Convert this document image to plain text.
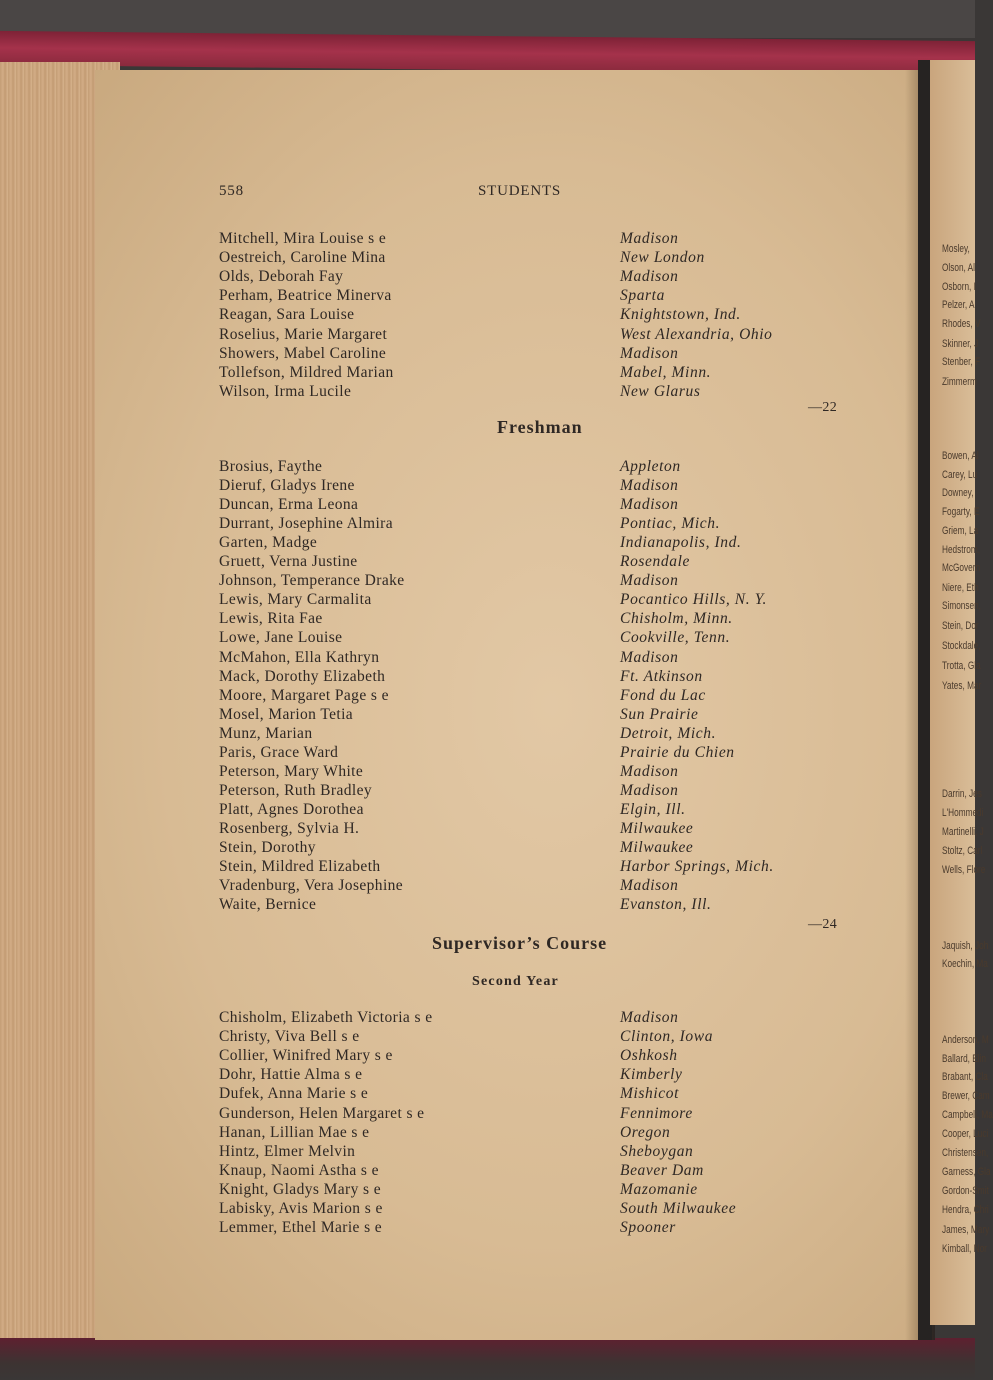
Mosley,
Olson, Al
Osborn, I
Pelzer, A
Rhodes, V
Skinner, J
Stenber, F
Zimmerm
Bowen, Al
Carey, Lu
Downey,
Fogarty, E
Griem, La
Hedstrom,
McGovern
Niere, Eth
Simonsen,
Stein, Dor
Stockdale,
Trotta, Gla
Yates, Mar
Darrin, Jes
L'Hommedi
Martinelli, J
Stoltz, Carl
Wells, Flore
Jaquish, Joh
Koechin, Ma
Anderson, M
Ballard, Elin
Brabant, Cla
Brewer, Cam
Campbell, Ma
Cooper, Luci
Christensen,
Garness, Gla
Gordon-Smit
Hendra, Chri
James, Mary
Kimball, Nor
558	STUDENTS
Mitchell, Mira Louise s e	Madison
Oestreich, Caroline Mina	New London
Olds, Deborah Fay	Madison
Perham, Beatrice Minerva	Sparta
Reagan, Sara Louise	Knightstown, Ind.
Roselius, Marie Margaret	West Alexandria, Ohio
Showers, Mabel Caroline	Madison
Tollefson, Mildred Marian	Mabel, Minn.
Wilson, Irma Lucile	New Glarus
—22
Freshman
Brosius, Faythe	Appleton
Dieruf, Gladys Irene	Madison
Duncan, Erma Leona	Madison
Durrant, Josephine Almira	Pontiac, Mich.
Garten, Madge	Indianapolis, Ind.
Gruett, Verna Justine	Rosendale
Johnson, Temperance Drake	Madison
Lewis, Mary Carmalita	Pocantico Hills, N. Y.
Lewis, Rita Fae	Chisholm, Minn.
Lowe, Jane Louise	Cookville, Tenn.
McMahon, Ella Kathryn	Madison
Mack, Dorothy Elizabeth	Ft. Atkinson
Moore, Margaret Page s e	Fond du Lac
Mosel, Marion Tetia	Sun Prairie
Munz, Marian	Detroit, Mich.
Paris, Grace Ward	Prairie du Chien
Peterson, Mary White	Madison
Peterson, Ruth Bradley	Madison
Platt, Agnes Dorothea	Elgin, Ill.
Rosenberg, Sylvia H.	Milwaukee
Stein, Dorothy	Milwaukee
Stein, Mildred Elizabeth	Harbor Springs, Mich.
Vradenburg, Vera Josephine	Madison
Waite, Bernice	Evanston, Ill.
—24
Supervisor’s Course
Second Year
Chisholm, Elizabeth Victoria s e	Madison
Christy, Viva Bell s e	Clinton, Iowa
Collier, Winifred Mary s e	Oshkosh
Dohr, Hattie Alma s e	Kimberly
Dufek, Anna Marie s e	Mishicot
Gunderson, Helen Margaret s e	Fennimore
Hanan, Lillian Mae s e	Oregon
Hintz, Elmer Melvin	Sheboygan
Knaup, Naomi Astha s e	Beaver Dam
Knight, Gladys Mary s e	Mazomanie
Labisky, Avis Marion s e	South Milwaukee
Lemmer, Ethel Marie s e	Spooner
